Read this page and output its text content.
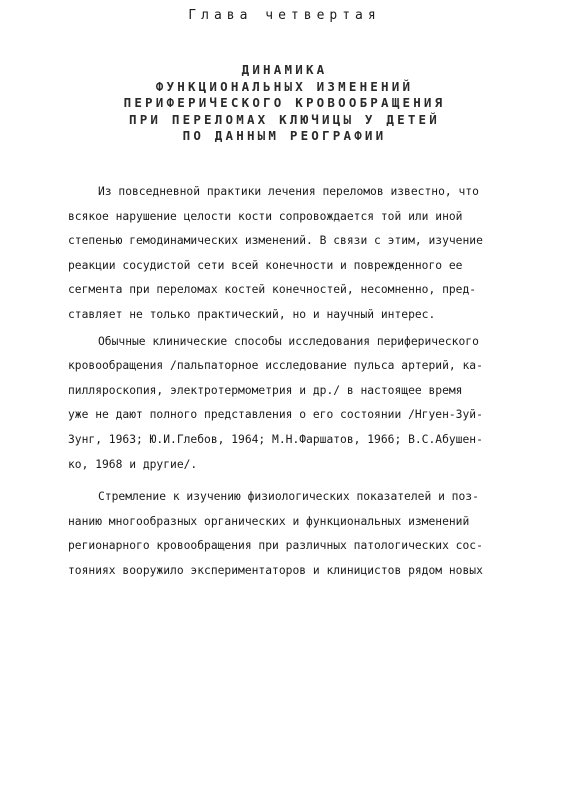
Глава четвертая
ДИНАМИКА
ФУНКЦИОНАЛЬНЫХ ИЗМЕНЕНИЙ
ПЕРИФЕРИЧЕСКОГО КРОВООБРАЩЕНИЯ
ПРИ ПЕРЕЛОМАХ КЛЮЧИЦЫ У ДЕТЕЙ
ПО ДАННЫМ РЕОГРАФИИ
Из повседневной практики лечения переломов известно, что
всякое нарушение целости кости сопровождается той или иной
степенью гемодинамических изменений. В связи с этим, изучение
реакции сосудистой сети всей конечности и поврежденного ее
сегмента при переломах костей конечностей, несомненно, пред-
ставляет не только практический, но и научный интерес.
Обычные клинические способы исследования периферического
кровообращения /пальпаторное исследование пульса артерий, ка-
пилляроскопия, электротермометрия и др./ в настоящее время
уже не дают полного представления о его состоянии /Нгуен-Зуй-
Зунг, 1963; Ю.И.Глебов, 1964; М.Н.Фаршатов, 1966; В.С.Абушен-
ко, 1968 и другие/.
Стремление к изучению физиологических показателей и поз-
нанию многообразных органических и функциональных изменений
регионарного кровообращения при различных патологических сос-
тояниях вооружило экспериментаторов и клиницистов рядом новых
